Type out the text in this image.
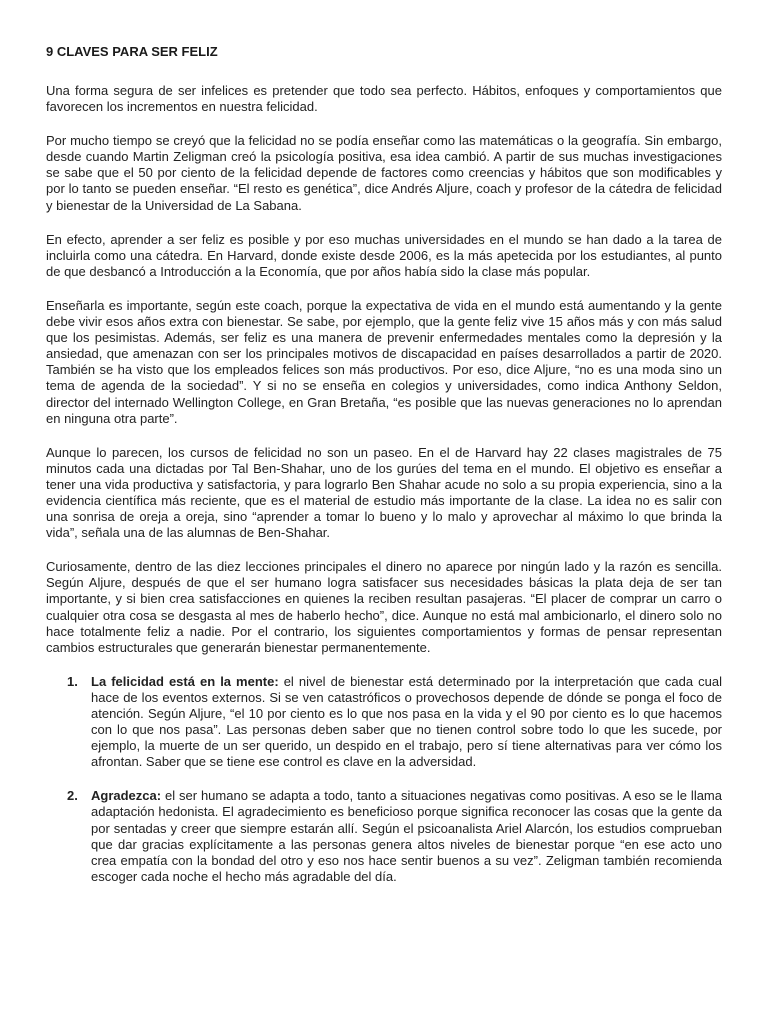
9 CLAVES PARA SER FELIZ

Una forma segura de ser infelices es pretender que todo sea perfecto. Hábitos, enfoques y comportamientos que favorecen los incrementos en nuestra felicidad.

Por mucho tiempo se creyó que la felicidad no se podía enseñar como las matemáticas o la geografía. Sin embargo, desde cuando Martin Zeligman creó la psicología positiva, esa idea cambió. A partir de sus muchas investigaciones se sabe que el 50 por ciento de la felicidad depende de factores como creencias y hábitos que son modificables y por lo tanto se pueden enseñar. “El resto es genética”, dice Andrés Aljure, coach y profesor de la cátedra de felicidad y bienestar de la Universidad de La Sabana.

En efecto, aprender a ser feliz es posible y por eso muchas universidades en el mundo se han dado a la tarea de incluirla como una cátedra. En Harvard, donde existe desde 2006, es la más apetecida por los estudiantes, al punto de que desbancó a Introducción a la Economía, que por años había sido la clase más popular.

Enseñarla es importante, según este coach, porque la expectativa de vida en el mundo está aumentando y la gente debe vivir esos años extra con bienestar. Se sabe, por ejemplo, que la gente feliz vive 15 años más y con más salud que los pesimistas. Además, ser feliz es una manera de prevenir enfermedades mentales como la depresión y la ansiedad, que amenazan con ser los principales motivos de discapacidad en países desarrollados a partir de 2020. También se ha visto que los empleados felices son más productivos. Por eso, dice Aljure, “no es una moda sino un tema de agenda de la sociedad”. Y si no se enseña en colegios y universidades, como indica Anthony Seldon, director del internado Wellington College, en Gran Bretaña, “es posible que las nuevas generaciones no lo aprendan en ninguna otra parte”.

Aunque lo parecen, los cursos de felicidad no son un paseo. En el de Harvard hay 22 clases magistrales de 75 minutos cada una dictadas por Tal Ben-Shahar, uno de los gurúes del tema en el mundo. El objetivo es enseñar a tener una vida productiva y satisfactoria, y para lograrlo Ben Shahar acude no solo a su propia experiencia, sino a la evidencia científica más reciente, que es el material de estudio más importante de la clase. La idea no es salir con una sonrisa de oreja a oreja, sino “aprender a tomar lo bueno y lo malo y aprovechar al máximo lo que brinda la vida”, señala una de las alumnas de Ben-Shahar.

Curiosamente, dentro de las diez lecciones principales el dinero no aparece por ningún lado y la razón es sencilla. Según Aljure, después de que el ser humano logra satisfacer sus necesidades básicas la plata deja de ser tan importante, y si bien crea satisfacciones en quienes la reciben resultan pasajeras. “El placer de comprar un carro o cualquier otra cosa se desgasta al mes de haberlo hecho”, dice. Aunque no está mal ambicionarlo, el dinero solo no hace totalmente feliz a nadie. Por el contrario, los siguientes comportamientos y formas de pensar representan cambios estructurales que generarán bienestar permanentemente.

1. La felicidad está en la mente: el nivel de bienestar está determinado por la interpretación que cada cual hace de los eventos externos. Si se ven catastróficos o provechosos depende de dónde se ponga el foco de atención. Según Aljure, “el 10 por ciento es lo que nos pasa en la vida y el 90 por ciento es lo que hacemos con lo que nos pasa”. Las personas deben saber que no tienen control sobre todo lo que les sucede, por ejemplo, la muerte de un ser querido, un despido en el trabajo, pero sí tiene alternativas para ver cómo los afrontan. Saber que se tiene ese control es clave en la adversidad.
2. Agradezca: el ser humano se adapta a todo, tanto a situaciones negativas como positivas. A eso se le llama adaptación hedonista. El agradecimiento es beneficioso porque significa reconocer las cosas que la gente da por sentadas y creer que siempre estarán allí. Según el psicoanalista Ariel Alarcón, los estudios comprueban que dar gracias explícitamente a las personas genera altos niveles de bienestar porque “en ese acto uno crea empatía con la bondad del otro y eso nos hace sentir buenos a su vez”. Zeligman también recomienda escoger cada noche el hecho más agradable del día.
